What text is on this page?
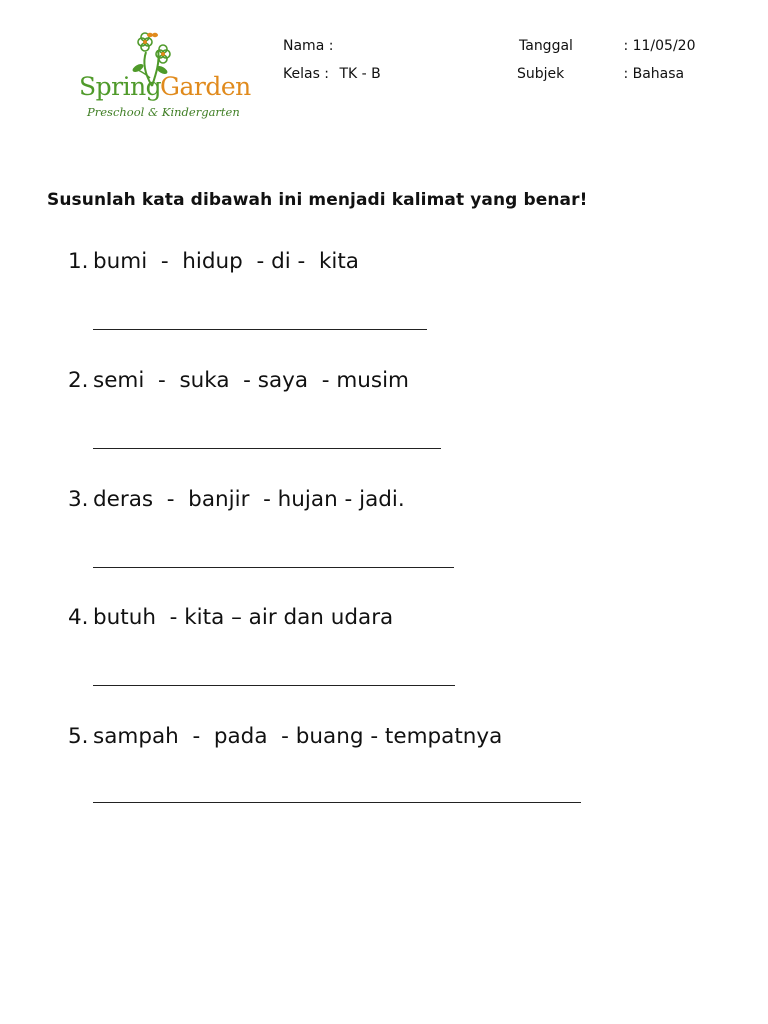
Spring
Garden
Preschool & Kindergarten
Nama :
Kelas : TK - B
Tanggal	: 11/05/20
Subjek	: Bahasa
Susunlah kata dibawah ini menjadi kalimat yang benar!
1. bumi  -  hidup  - di -  kita
2. semi  -  suka  - saya  - musim
3. deras  -  banjir  - hujan - jadi.
4. butuh  - kita – air dan udara
5. sampah  -  pada  - buang - tempatnya
